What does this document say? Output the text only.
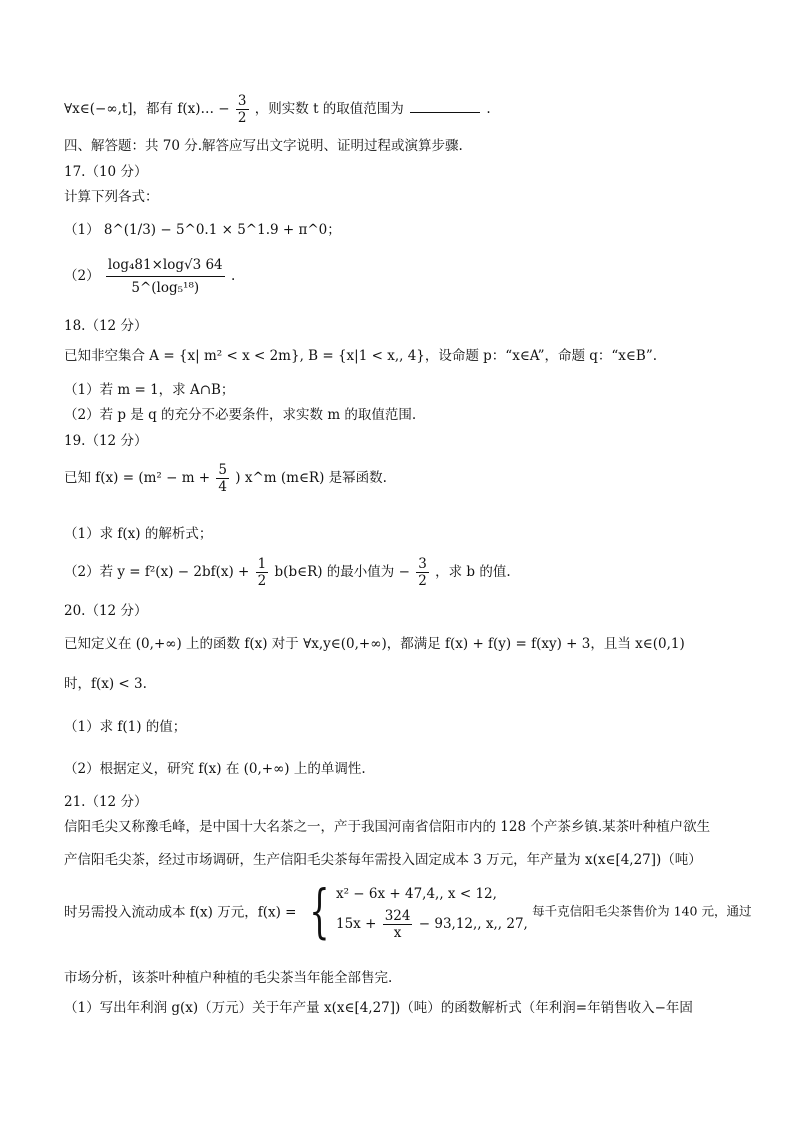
∀x∈(−∞,t]，都有 f(x)… − $\frac{3}{2}$ ，则实数 t 的取值范围为	.
四、解答题：共 70 分.解答应写出文字说明、证明过程或演算步骤.
17.（10 分）
计算下列各式：
（1） 8^(1/3) − 5^0.1 × 5^1.9 + π^0；
$(2) \frac{\text{log₄81×log√3 64}}{\text{5\textasciicircum{}(log₅¹⁸)}}$ .
18.（12 分）
已知非空集合 A = {x| m² < x < 2m}, B = {x|1 < x,, 4}，设命题 p：“x∈A”，命题 q：“x∈B”.
（1）若 m = 1，求 A∩B；
（2）若 p 是 q 的充分不必要条件，求实数 m 的取值范围.
19.（12 分）
已知 $f(x) = (m^2 - m + \frac{5}{4}$ ) x^m (m∈R) 是幂函数.
（1）求 f(x) 的解析式；
（2）若 $y = f^2(x) - 2bf(x) + \frac{1}{2}$ b(b∈R) 的最小值为 − $\frac{3}{2}$ ，求 b 的值.
20.（12 分）
已知定义在 (0,+∞) 上的函数 f(x) 对于 ∀x,y∈(0,+∞)，都满足 f(x) + f(y) = f(xy) + 3，且当 x∈(0,1)
时，f(x) < 3.
（1）求 f(1) 的值；
（2）根据定义，研究 f(x) 在 (0,+∞) 上的单调性.
21.（12 分）
信阳毛尖又称豫毛峰，是中国十大名茶之一，产于我国河南省信阳市内的 128 个产茶乡镇.某茶叶种植户欲生
产信阳毛尖茶，经过市场调研，生产信阳毛尖茶每年需投入固定成本 3 万元，年产量为 x(x∈[4,27])（吨）
时另需投入流动成本 f(x) 万元，f(x) = { x² − 6x + 47,4,, x < 12,
$15x + \frac{324}{x} - 93,12$,, x,, 27,
每千克信阳毛尖茶售价为 140 元，通过
市场分析，该茶叶种植户种植的毛尖茶当年能全部售完.
（1）写出年利润 g(x)（万元）关于年产量 x(x∈[4,27])（吨）的函数解析式（年利润=年销售收入−年固
